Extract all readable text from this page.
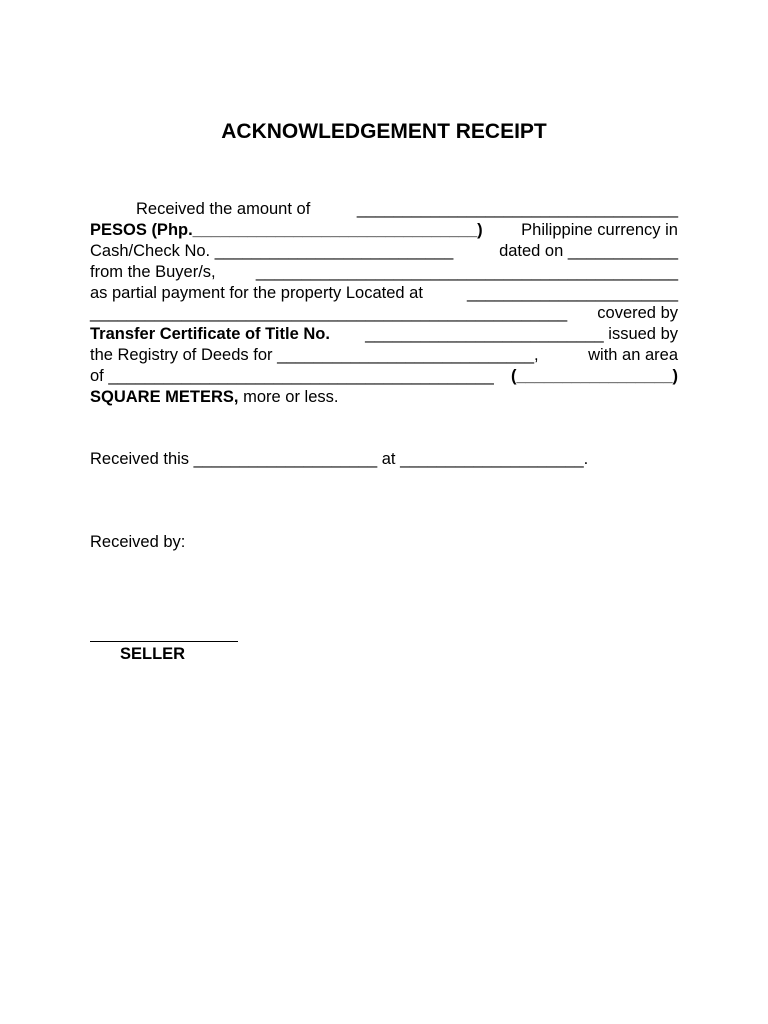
ACKNOWLEDGEMENT RECEIPT
Received the amount of	___________________________________
PESOS (Php._______________________________) Philippine currency in
Cash/Check No. __________________________	dated on ____________
from the Buyer/s, ______________________________________________
as partial payment for the property Located at	_______________________
____________________________________________________ covered by
Transfer Certificate of Title No. __________________________ issued by
the Registry of Deeds for ____________________________,	with an area
of __________________________________________ (_________________)
SQUARE METERS,
more or less.
Received this ____________________ at ____________________.
Received by:
SELLER
